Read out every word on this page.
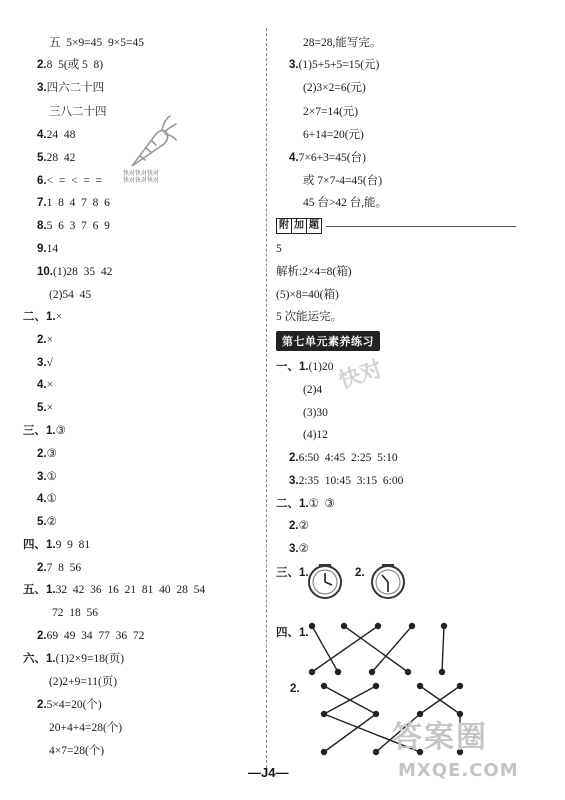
五  5×9=45  9×5=45
2.8  5(或 5  8)
3.四六二十四
三八二十四
4.24  48
5.28  42
6.<  =  <  =  =
7.1  8  4  7  8  6
8.5  6  3  7  6  9
9.14
10.(1)28  35  42
(2)54  45
二、1.×
2.×
3.√
4.×
5.×
三、1.③
2.③
3.①
4.①
5.②
四、1.9  9  81
2.7  8  56
五、1.32  42  36  16  21  81  40  28  54
72  18  56
2.69  49  34  77  36  72
六、1.(1)2×9=18(页)
(2)2+9=11(页)
2.5×4=20(个)
20+4+4=28(个)
4×7=28(个)
快对快对快对
快对快对快对
28=28,能写完。
3.(1)5+5+5=15(元)
(2)3×2=6(元)
2×7=14(元)
6+14=20(元)
4.7×6+3=45(台)
或 7×7-4=45(台)
45 台>42 台,能。
附 加 题
5
解析:2×4=8(箱)
(5)×8=40(箱)
5 次能运完。
第七单元素养练习
一、1.(1)20
(2)4
(3)30
(4)12
2.6:50  4:45  2:25  5:10
3.2:35  10:45  3:15  6:00
二、1.①  ③
2.②
3.②
三、1.	2.
四、1.
2.
快对
答案圈
MXQE.COM
—J4—
